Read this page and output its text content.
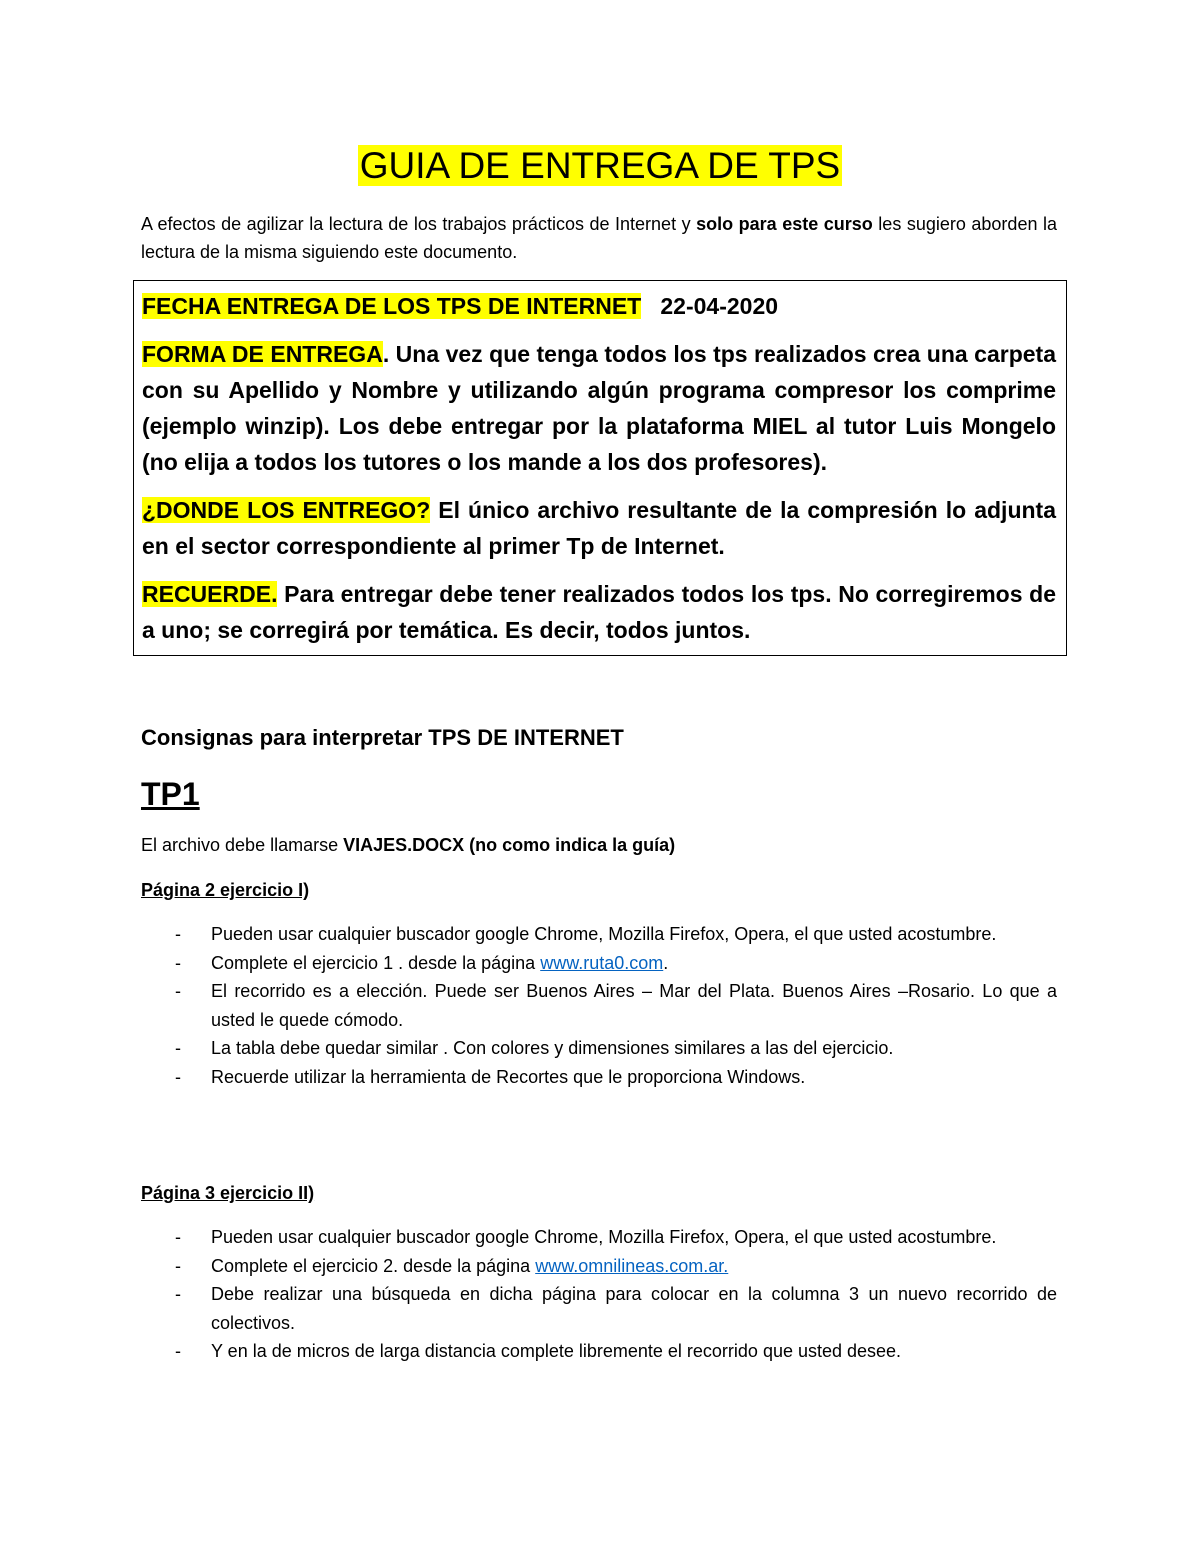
GUIA DE ENTREGA DE TPS
A efectos de agilizar la lectura de los trabajos prácticos de Internet y solo para este curso les sugiero aborden la lectura de la misma siguiendo este documento.

FECHA ENTREGA DE LOS TPS DE INTERNET 22-04-2020

FORMA DE ENTREGA. Una vez que tenga todos los tps realizados crea una carpeta con su Apellido y Nombre y utilizando algún programa compresor los comprime (ejemplo winzip). Los debe entregar por la plataforma MIEL al tutor Luis Mongelo (no elija a todos los tutores o los mande a los dos profesores).

¿DONDE LOS ENTREGO? El único archivo resultante de la compresión lo adjunta en el sector correspondiente al primer Tp de Internet.

RECUERDE. Para entregar debe tener realizados todos los tps. No corregiremos de a uno; se corregirá por temática. Es decir, todos juntos.

Consignas para interpretar TPS DE INTERNET
TP1
El archivo debe llamarse VIAJES.DOCX (no como indica la guía)
Página 2 ejercicio I)
- Pueden usar cualquier buscador google Chrome, Mozilla Firefox, Opera, el que usted acostumbre.
- Complete el ejercicio 1 . desde la página www.ruta0.com.
- El recorrido es a elección. Puede ser Buenos Aires – Mar del Plata. Buenos Aires –Rosario. Lo que a usted le quede cómodo.
- La tabla debe quedar similar . Con colores y dimensiones similares a las del ejercicio.
- Recuerde utilizar la herramienta de Recortes que le proporciona Windows.
Página 3 ejercicio II)
- Pueden usar cualquier buscador google Chrome, Mozilla Firefox, Opera, el que usted acostumbre.
- Complete el ejercicio 2. desde la página www.omnilineas.com.ar.
- Debe realizar una búsqueda en dicha página para colocar en la columna 3 un nuevo recorrido de colectivos.
- Y en la de micros de larga distancia complete libremente el recorrido que usted desee.
